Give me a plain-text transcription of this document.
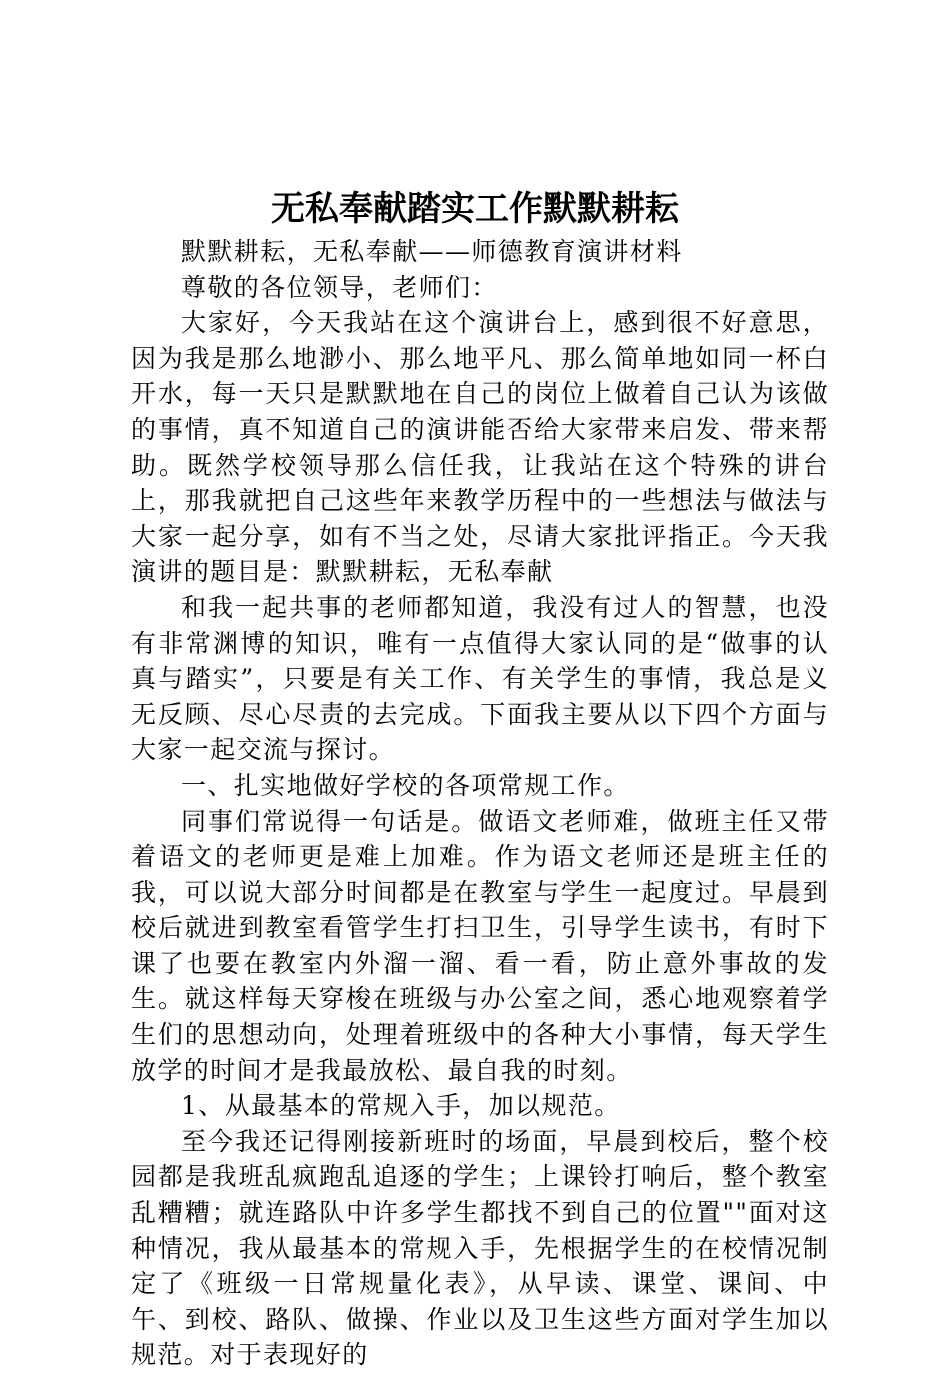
无私奉献踏实工作默默耕耘

默默耕耘，无私奉献——师德教育演讲材料

尊敬的各位领导，老师们：

大家好，今天我站在这个演讲台上，感到很不好意思，因为我是那么地渺小、那么地平凡、那么简单地如同一杯白开水，每一天只是默默地在自己的岗位上做着自己认为该做的事情，真不知道自己的演讲能否给大家带来启发、带来帮助。既然学校领导那么信任我，让我站在这个特殊的讲台上，那我就把自己这些年来教学历程中的一些想法与做法与大家一起分享，如有不当之处，尽请大家批评指正。今天我演讲的题目是：默默耕耘，无私奉献

和我一起共事的老师都知道，我没有过人的智慧，也没有非常渊博的知识，唯有一点值得大家认同的是“做事的认真与踏实”，只要是有关工作、有关学生的事情，我总是义无反顾、尽心尽责的去完成。下面我主要从以下四个方面与大家一起交流与探讨。

一、扎实地做好学校的各项常规工作。

同事们常说得一句话是。做语文老师难，做班主任又带着语文的老师更是难上加难。作为语文老师还是班主任的我，可以说大部分时间都是在教室与学生一起度过。早晨到校后就进到教室看管学生打扫卫生，引导学生读书，有时下课了也要在教室内外溜一溜、看一看，防止意外事故的发生。就这样每天穿梭在班级与办公室之间，悉心地观察着学生们的思想动向，处理着班级中的各种大小事情，每天学生放学的时间才是我最放松、最自我的时刻。

1、从最基本的常规入手，加以规范。

至今我还记得刚接新班时的场面，早晨到校后，整个校园都是我班乱疯跑乱追逐的学生；上课铃打响后，整个教室乱糟糟；就连路队中许多学生都找不到自己的位置""面对这种情况，我从最基本的常规入手，先根据学生的在校情况制定了《班级一日常规量化表》，从早读、课堂、课间、中午、到校、路队、做操、作业以及卫生这些方面对学生加以规范。对于表现好的
